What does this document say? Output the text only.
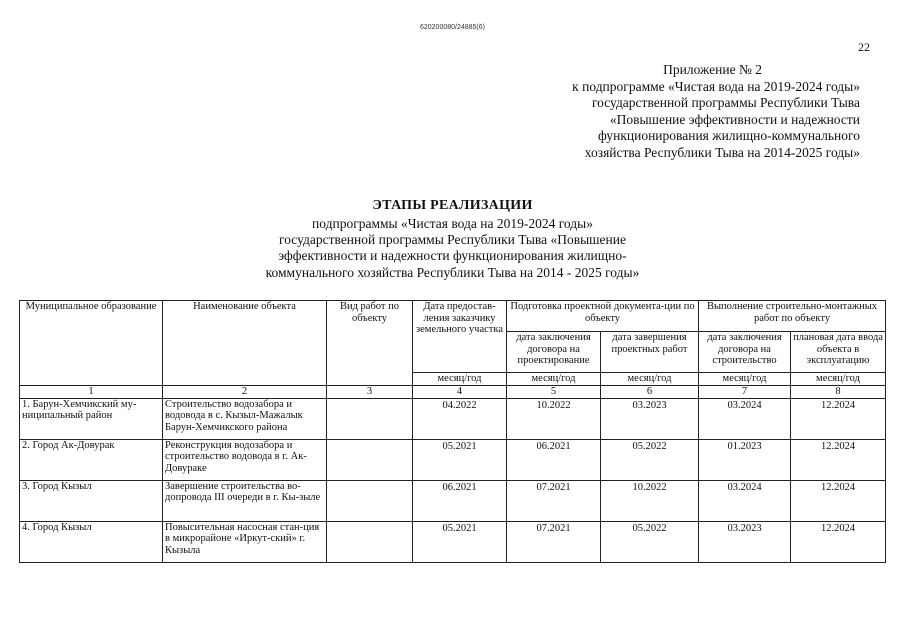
620200080/24885(6)
22
Приложение № 2
к подпрограмме «Чистая вода на 2019-2024 годы»
государственной программы Республики Тыва
«Повышение эффективности и надежности
функционирования жилищно-коммунального
хозяйства Республики Тыва на 2014-2025 годы»
ЭТАПЫ РЕАЛИЗАЦИИ
подпрограммы «Чистая вода на 2019-2024 годы»
государственной программы Республики Тыва «Повышение
эффективности и надежности функционирования жилищно-
коммунального хозяйства Республики Тыва на 2014 - 2025 годы»
Муниципальное образование	Наименование объекта	Вид работ по объекту	Дата предостав-ления заказчику земельного участка	Подготовка проектной документа-ции по объекту		Выполнение строительно-монтажных работ по объекту	
				дата заключения договора на проектирование	дата завершения проектных работ	дата заключения договора на строительство	плановая дата ввода объекта в эксплуатацию
			месяц/год	месяц/год	месяц/год	месяц/год	месяц/год
1	2	3	4	5	6	7	8
1. Барун-Хемчикский му-ниципальный район	Строительство водозабора и водовода в с. Кызыл-Мажалык Барун-Хемчикского района		04.2022	10.2022	03.2023	03.2024	12.2024
2. Город Ак-Довурак	Реконструкция водозабора и строительство водовода в г. Ак-Довураке		05.2021	06.2021	05.2022	01.2023	12.2024
3. Город Кызыл	Завершение строительства во-допровода III очереди в г. Кы-зыле		06.2021	07.2021	10.2022	03.2024	12.2024
4. Город Кызыл	Повысительная насосная стан-ция в микрорайоне «Иркут-ский» г. Кызыла		05.2021	07.2021	05.2022	03.2023	12.2024
